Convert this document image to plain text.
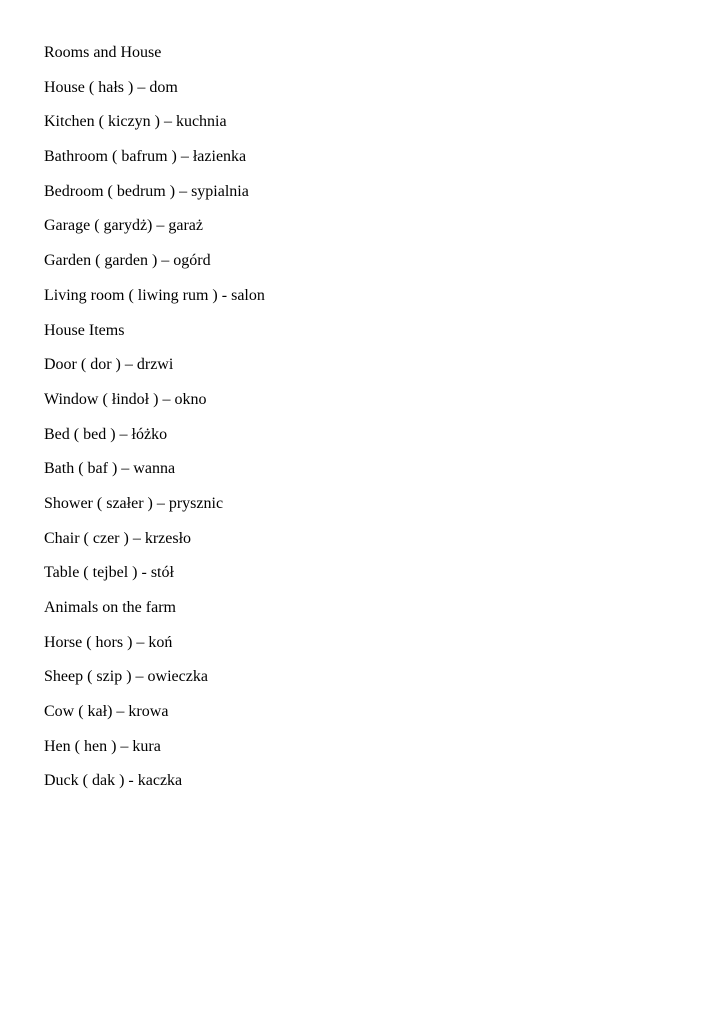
Rooms and House
House ( hałs ) – dom
Kitchen ( kiczyn ) – kuchnia
Bathroom ( bafrum ) – łazienka
Bedroom ( bedrum ) – sypialnia
Garage ( garydż) – garaż
Garden ( garden ) – ogórd
Living room ( liwing rum ) - salon
House Items
Door ( dor ) – drzwi
Window ( łindoł ) – okno
Bed ( bed ) – łóżko
Bath ( baf ) – wanna
Shower ( szałer ) – prysznic
Chair ( czer ) – krzesło
Table ( tejbel ) - stół
Animals on the farm
Horse ( hors ) – koń
Sheep ( szip ) – owieczka
Cow ( kał) – krowa
Hen ( hen ) – kura
Duck ( dak ) - kaczka
